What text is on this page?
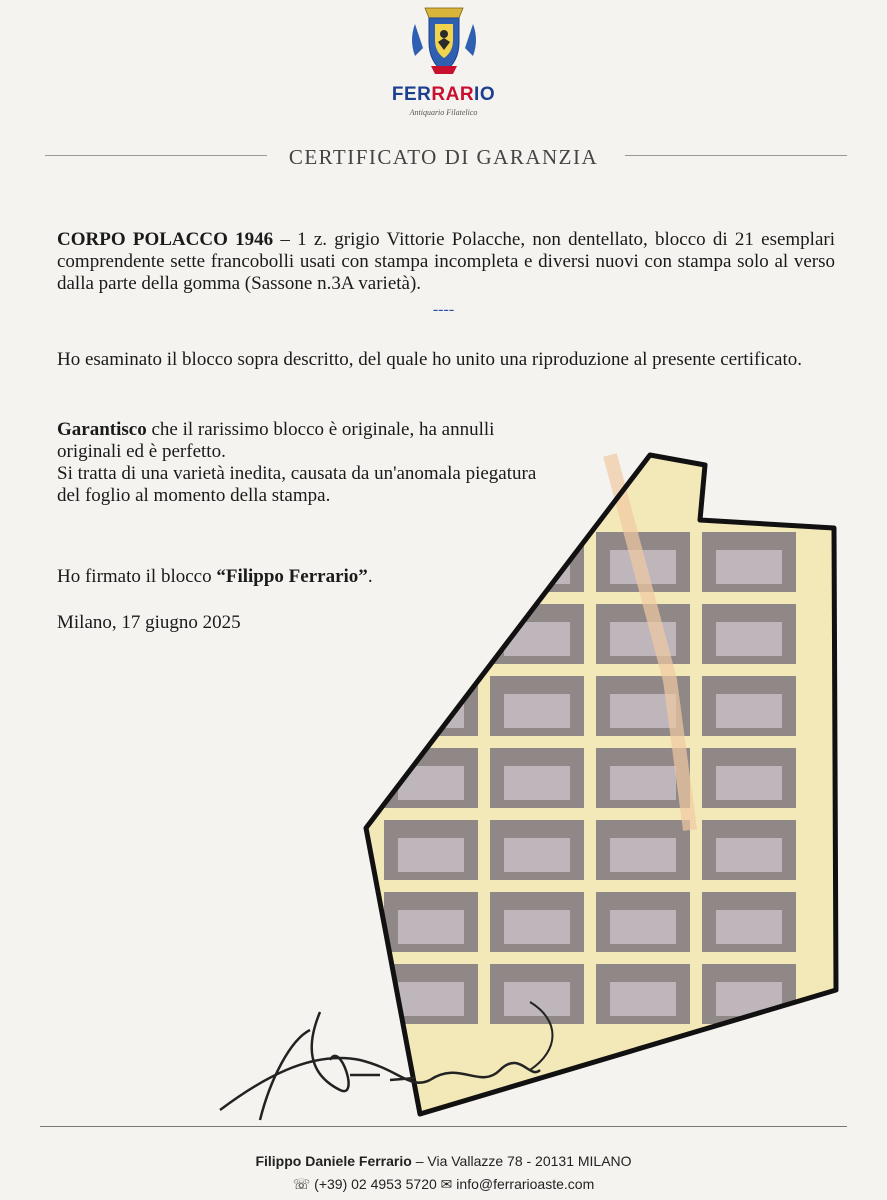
FERRARIO
Antiquario Filatelico
CERTIFICATO DI GARANZIA
CORPO POLACCO 1946 – 1 z. grigio Vittorie Polacche, non dentellato, blocco di 21 esemplari comprendente sette francobolli usati con stampa incompleta e diversi nuovi con stampa solo al verso dalla parte della gomma (Sassone n.3A varietà).
----
Ho esaminato il blocco sopra descritto, del quale ho unito una riproduzione al presente certificato.
Garantisco che il rarissimo blocco è originale, ha annulli originali ed è perfetto.
Si tratta di una varietà inedita, causata da un'anomala piegatura del foglio al momento della stampa.
Ho firmato il blocco “Filippo Ferrario”.
Milano, 17 giugno 2025
Filippo Daniele Ferrario – Via Vallazze 78 - 20131 MILANO
☏ (+39) 02 4953 5720 ✉ info@ferrarioaste.com
